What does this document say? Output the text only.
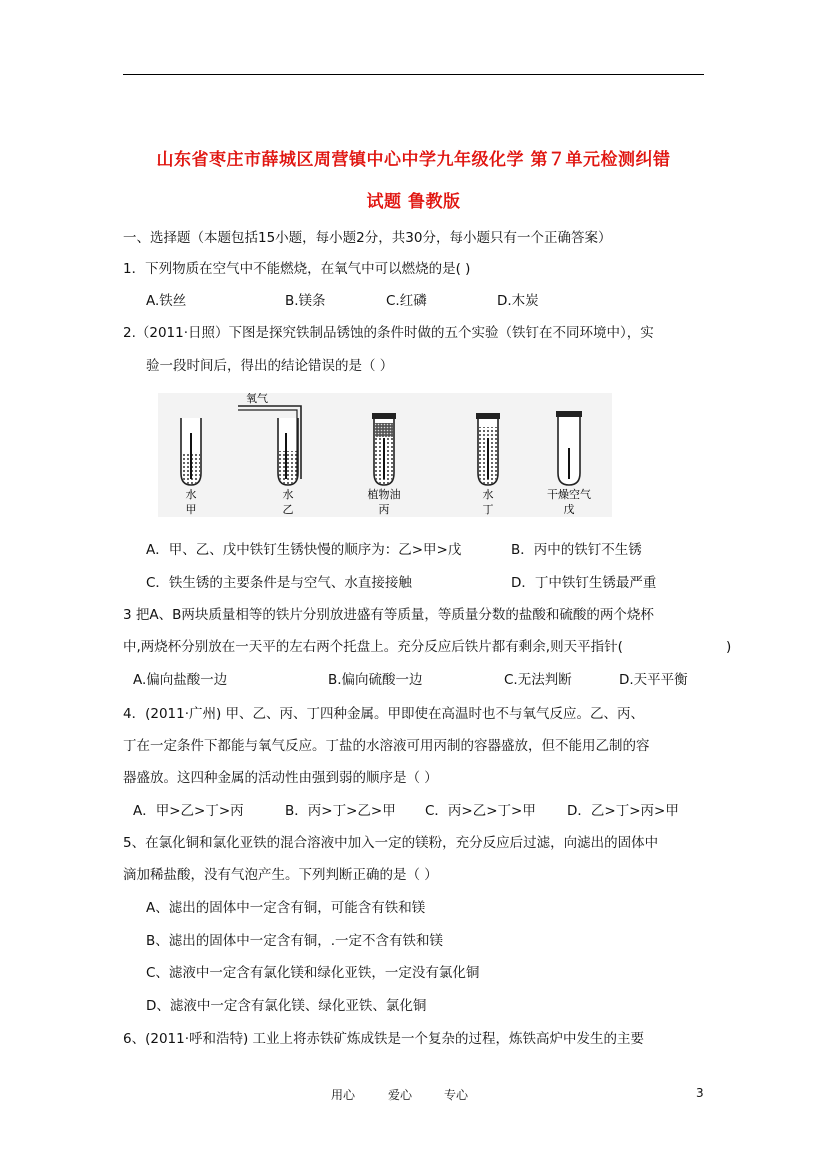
山东省枣庄市薛城区周营镇中心中学九年级化学 第７单元检测纠错
试题 鲁教版
一、选择题（本题包括15小题，每小题2分，共30分，每小题只有一个正确答案）
1．下列物质在空气中不能燃烧，在氧气中可以燃烧的是( )
A.铁丝	B.镁条	C.红磷	D.木炭
2.（2011·日照）下图是探究铁制品锈蚀的条件时做的五个实验（铁钉在不同环境中），实
验一段时间后，得出的结论错误的是（ ）
氧气
水
甲
水
乙
植物油
丙
水
丁
干燥空气
戊
A．甲、乙、戊中铁钉生锈快慢的顺序为：乙>甲>戊	B．丙中的铁钉不生锈
C．铁生锈的主要条件是与空气、水直接接触	D．丁中铁钉生锈最严重
3 把A、B两块质量相等的铁片分别放进盛有等质量，等质量分数的盐酸和硫酸的两个烧杯
中,两烧杯分别放在一天平的左右两个托盘上。充分反应后铁片都有剩余,则天平指针(	)
A.偏向盐酸一边	B.偏向硫酸一边	C.无法判断	D.天平平衡
4．(2011·广州) 甲、乙、丙、丁四种金属。甲即使在高温时也不与氧气反应。乙、丙、
丁在一定条件下都能与氧气反应。丁盐的水溶液可用丙制的容器盛放，但不能用乙制的容
器盛放。这四种金属的活动性由强到弱的顺序是（ ）
A．甲>乙>丁>丙	B．丙>丁>乙>甲 C．丙>乙>丁>甲 D．乙>丁>丙>甲
5、在氯化铜和氯化亚铁的混合溶液中加入一定的镁粉，充分反应后过滤，向滤出的固体中
滴加稀盐酸，没有气泡产生。下列判断正确的是（ ）
A、滤出的固体中一定含有铜，可能含有铁和镁
B、滤出的固体中一定含有铜，.一定不含有铁和镁
C、滤液中一定含有氯化镁和绿化亚铁，一定没有氯化铜
D、滤液中一定含有氯化镁、绿化亚铁、氯化铜
6、(2011·呼和浩特) 工业上将赤铁矿炼成铁是一个复杂的过程，炼铁高炉中发生的主要
用心	爱心	专心	3
